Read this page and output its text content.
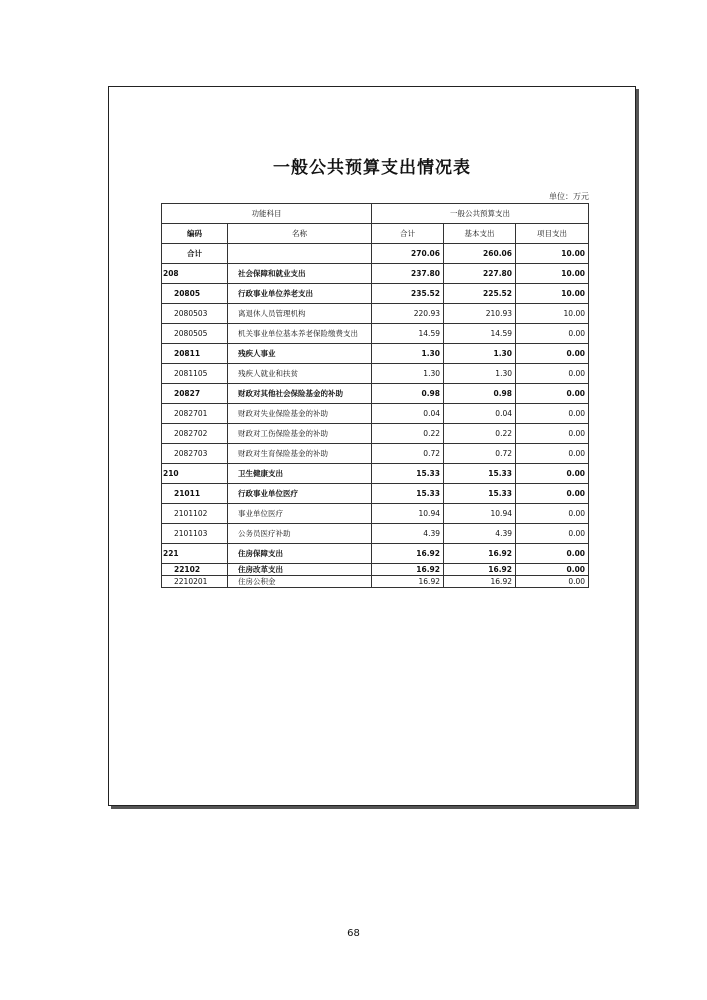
一般公共预算支出情况表
单位：万元
功能科目		一般公共预算支出		
编码	名称	合计	基本支出	项目支出
合计		270.06	260.06	10.00
208	社会保障和就业支出	237.80	227.80	10.00
20805	行政事业单位养老支出	235.52	225.52	10.00
2080503	离退休人员管理机构	220.93	210.93	10.00
2080505	机关事业单位基本养老保险缴费支出	14.59	14.59	0.00
20811	残疾人事业	1.30	1.30	0.00
2081105	残疾人就业和扶贫	1.30	1.30	0.00
20827	财政对其他社会保险基金的补助	0.98	0.98	0.00
2082701	财政对失业保险基金的补助	0.04	0.04	0.00
2082702	财政对工伤保险基金的补助	0.22	0.22	0.00
2082703	财政对生育保险基金的补助	0.72	0.72	0.00
210	卫生健康支出	15.33	15.33	0.00
21011	行政事业单位医疗	15.33	15.33	0.00
2101102	事业单位医疗	10.94	10.94	0.00
2101103	公务员医疗补助	4.39	4.39	0.00
221	住房保障支出	16.92	16.92	0.00
22102	住房改革支出	16.92	16.92	0.00
2210201	住房公积金	16.92	16.92	0.00
68
